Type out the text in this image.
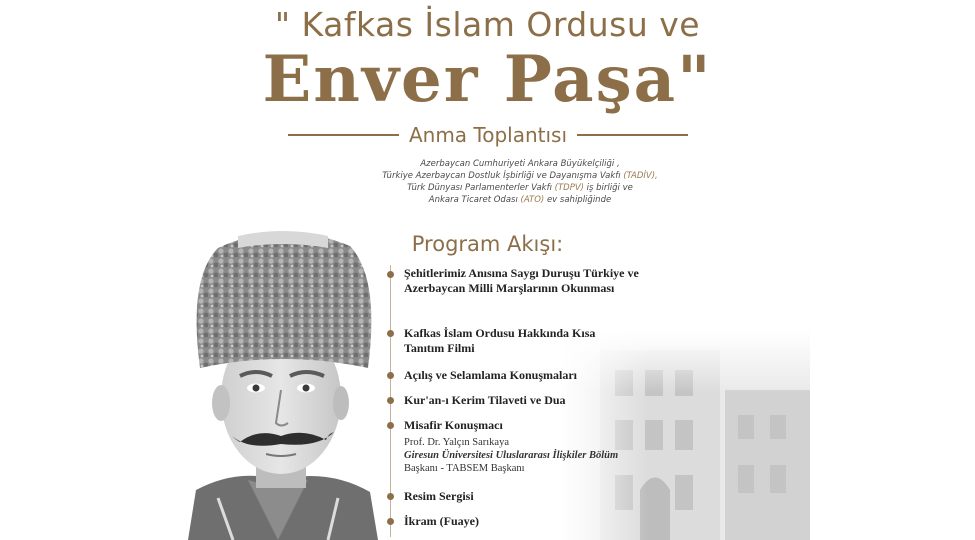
" Kafkas İslam Ordusu ve
Enver Paşa"
Anma Toplantısı
Azerbaycan Cumhuriyeti Ankara Büyükelçiliği ,
Türkiye Azerbaycan Dostluk İşbirliği ve Dayanışma Vakfı (TADİV),
Türk Dünyası Parlamenterler Vakfı (TDPV) iş birliği ve
Ankara Ticaret Odası (ATO) ev sahipliğinde
Program Akışı:
Şehitlerimiz Anısına Saygı Duruşu Türkiye ve Azerbaycan Milli Marşlarının Okunması
Kafkas İslam Ordusu Hakkında Kısa Tanıtım Filmi
Açılış ve Selamlama Konuşmaları
Kur'an-ı Kerim Tilaveti ve Dua
Misafir Konuşmacı
Prof. Dr. Yalçın Sarıkaya
Giresun Üniversitesi Uluslararası İlişkiler Bölüm
Başkanı - TABSEM Başkanı
Resim Sergisi
İkram (Fuaye)
